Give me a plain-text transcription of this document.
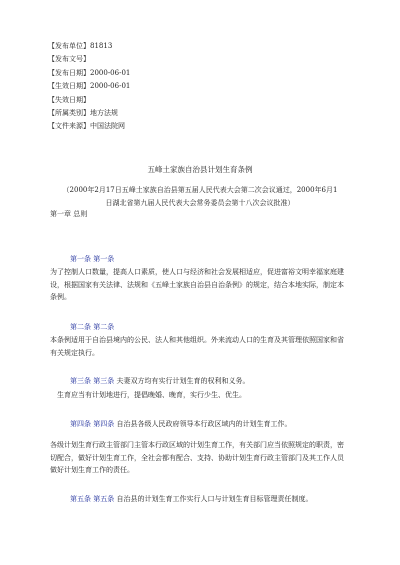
【发布单位】81813
【发布文号】
【发布日期】2000-06-01
【生效日期】2000-06-01
【失效日期】
【所属类别】地方法规
【文件来源】中国法院网
五峰土家族自治县计划生育条例
（2000年2月17日五峰土家族自治县第五届人民代表大会第二次会议通过，2000年6月1日湖北省第九届人民代表大会常务委员会第十八次会议批准）
第一章 总则
第一条 第一条
为了控制人口数量，提高人口素质，使人口与经济和社会发展相适应，促进富裕文明幸福家庭建设，根据国家有关法律、法规和《五峰土家族自治县自治条例》的规定，结合本地实际，制定本条例。
第二条 第二条
本条例适用于自治县境内的公民、法人和其他组织。外来流动人口的生育及其管理依照国家和省有关规定执行。
第三条 第三条 夫妻双方均有实行计划生育的权利和义务。
生育应当有计划地进行，提倡晚婚、晚育，实行少生、优生。
第四条 第四条 自治县各级人民政府领导本行政区域内的计划生育工作。
各级计划生育行政主管部门主管本行政区域的计划生育工作，有关部门应当依照规定的职责，密切配合，做好计划生育工作，全社会都有配合、支持、协助计划生育行政主管部门及其工作人员做好计划生育工作的责任。
第五条 第五条 自治县的计划生育工作实行人口与计划生育目标管理责任制度。
